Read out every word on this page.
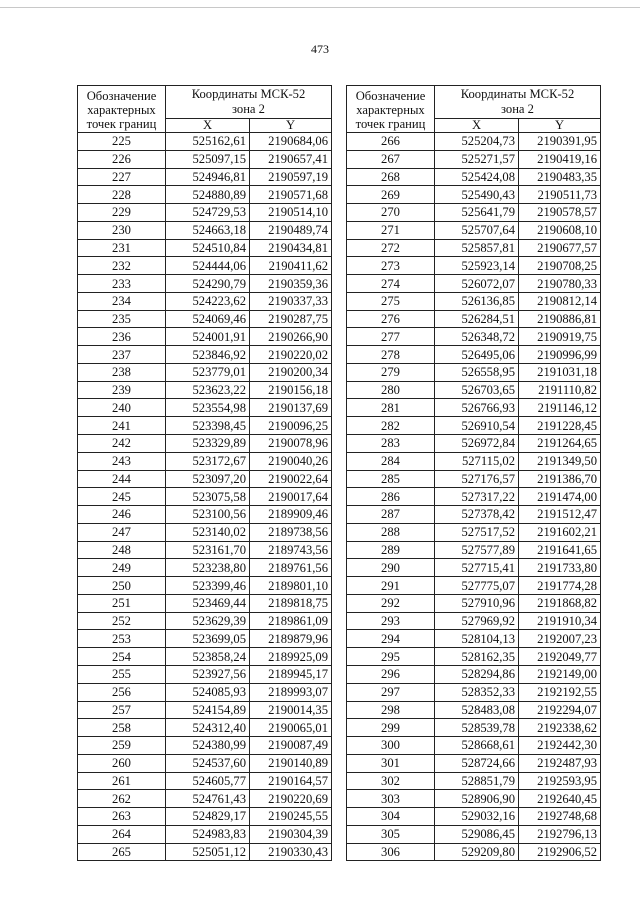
473
Обозначение
характерных
точек границ	Координаты МСК-52
зона 2	

	X	Y
225	525162,61	2190684,06
226	525097,15	2190657,41
227	524946,81	2190597,19
228	524880,89	2190571,68
229	524729,53	2190514,10
230	524663,18	2190489,74
231	524510,84	2190434,81
232	524444,06	2190411,62
233	524290,79	2190359,36
234	524223,62	2190337,33
235	524069,46	2190287,75
236	524001,91	2190266,90
237	523846,92	2190220,02
238	523779,01	2190200,34
239	523623,22	2190156,18
240	523554,98	2190137,69
241	523398,45	2190096,25
242	523329,89	2190078,96
243	523172,67	2190040,26
244	523097,20	2190022,64
245	523075,58	2190017,64
246	523100,56	2189909,46
247	523140,02	2189738,56
248	523161,70	2189743,56
249	523238,80	2189761,56
250	523399,46	2189801,10
251	523469,44	2189818,75
252	523629,39	2189861,09
253	523699,05	2189879,96
254	523858,24	2189925,09
255	523927,56	2189945,17
256	524085,93	2189993,07
257	524154,89	2190014,35
258	524312,40	2190065,01
259	524380,99	2190087,49
260	524537,60	2190140,89
261	524605,77	2190164,57
262	524761,43	2190220,69
263	524829,17	2190245,55
264	524983,83	2190304,39
265	525051,12	2190330,43
Обозначение
характерных
точек границ	Координаты МСК-52
зона 2	

	X	Y
266	525204,73	2190391,95
267	525271,57	2190419,16
268	525424,08	2190483,35
269	525490,43	2190511,73
270	525641,79	2190578,57
271	525707,64	2190608,10
272	525857,81	2190677,57
273	525923,14	2190708,25
274	526072,07	2190780,33
275	526136,85	2190812,14
276	526284,51	2190886,81
277	526348,72	2190919,75
278	526495,06	2190996,99
279	526558,95	2191031,18
280	526703,65	2191110,82
281	526766,93	2191146,12
282	526910,54	2191228,45
283	526972,84	2191264,65
284	527115,02	2191349,50
285	527176,57	2191386,70
286	527317,22	2191474,00
287	527378,42	2191512,47
288	527517,52	2191602,21
289	527577,89	2191641,65
290	527715,41	2191733,80
291	527775,07	2191774,28
292	527910,96	2191868,82
293	527969,92	2191910,34
294	528104,13	2192007,23
295	528162,35	2192049,77
296	528294,86	2192149,00
297	528352,33	2192192,55
298	528483,08	2192294,07
299	528539,78	2192338,62
300	528668,61	2192442,30
301	528724,66	2192487,93
302	528851,79	2192593,95
303	528906,90	2192640,45
304	529032,16	2192748,68
305	529086,45	2192796,13
306	529209,80	2192906,52
